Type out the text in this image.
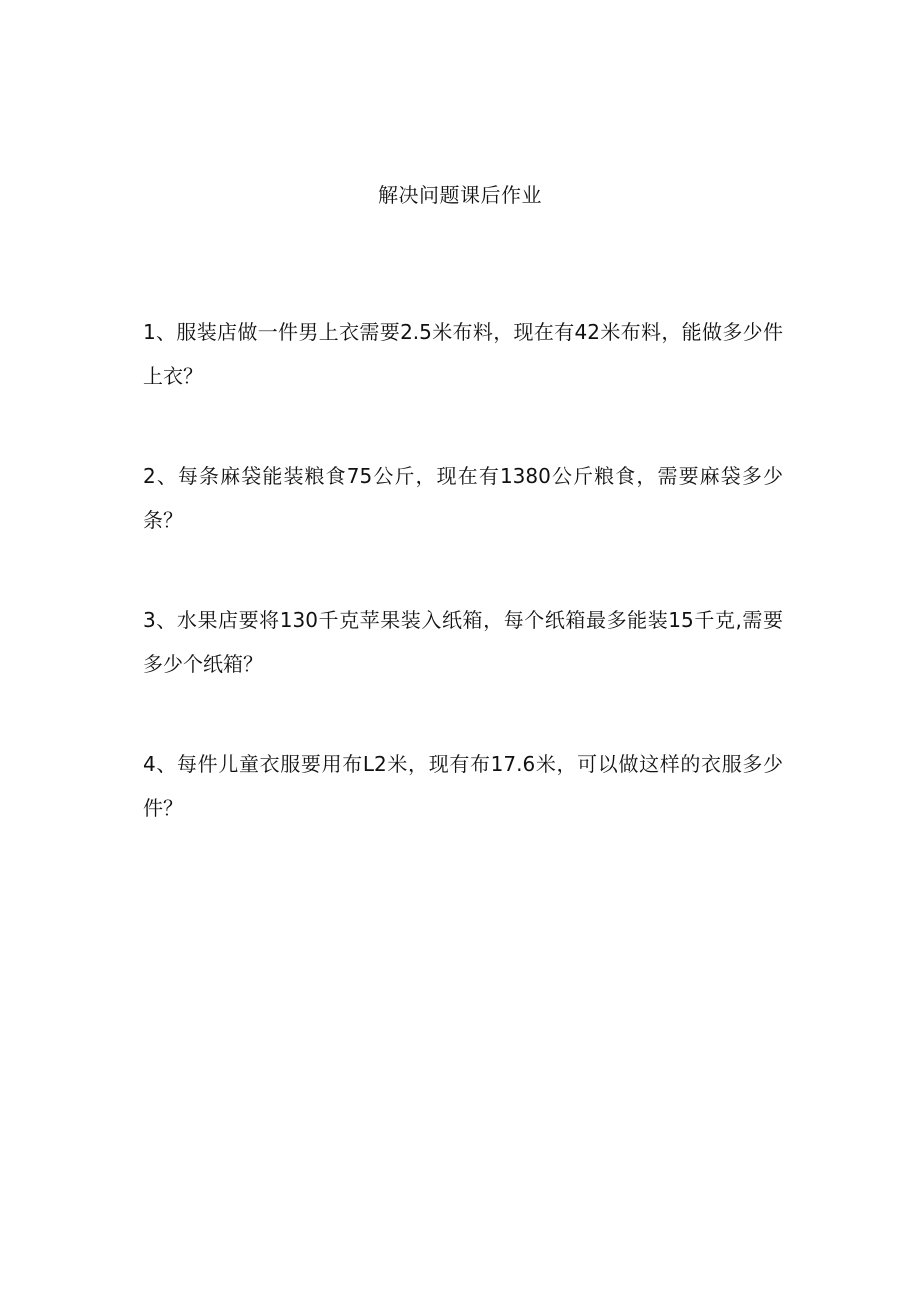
解决问题课后作业
1、服装店做一件男上衣需要2.5米布料，现在有42米布料，能做多少件上衣？
2、每条麻袋能装粮食75公斤，现在有1380公斤粮食，需要麻袋多少条？
3、水果店要将130千克苹果装入纸箱，每个纸箱最多能装15千克,需要多少个纸箱？
4、每件儿童衣服要用布L2米，现有布17.6米，可以做这样的衣服多少件？
